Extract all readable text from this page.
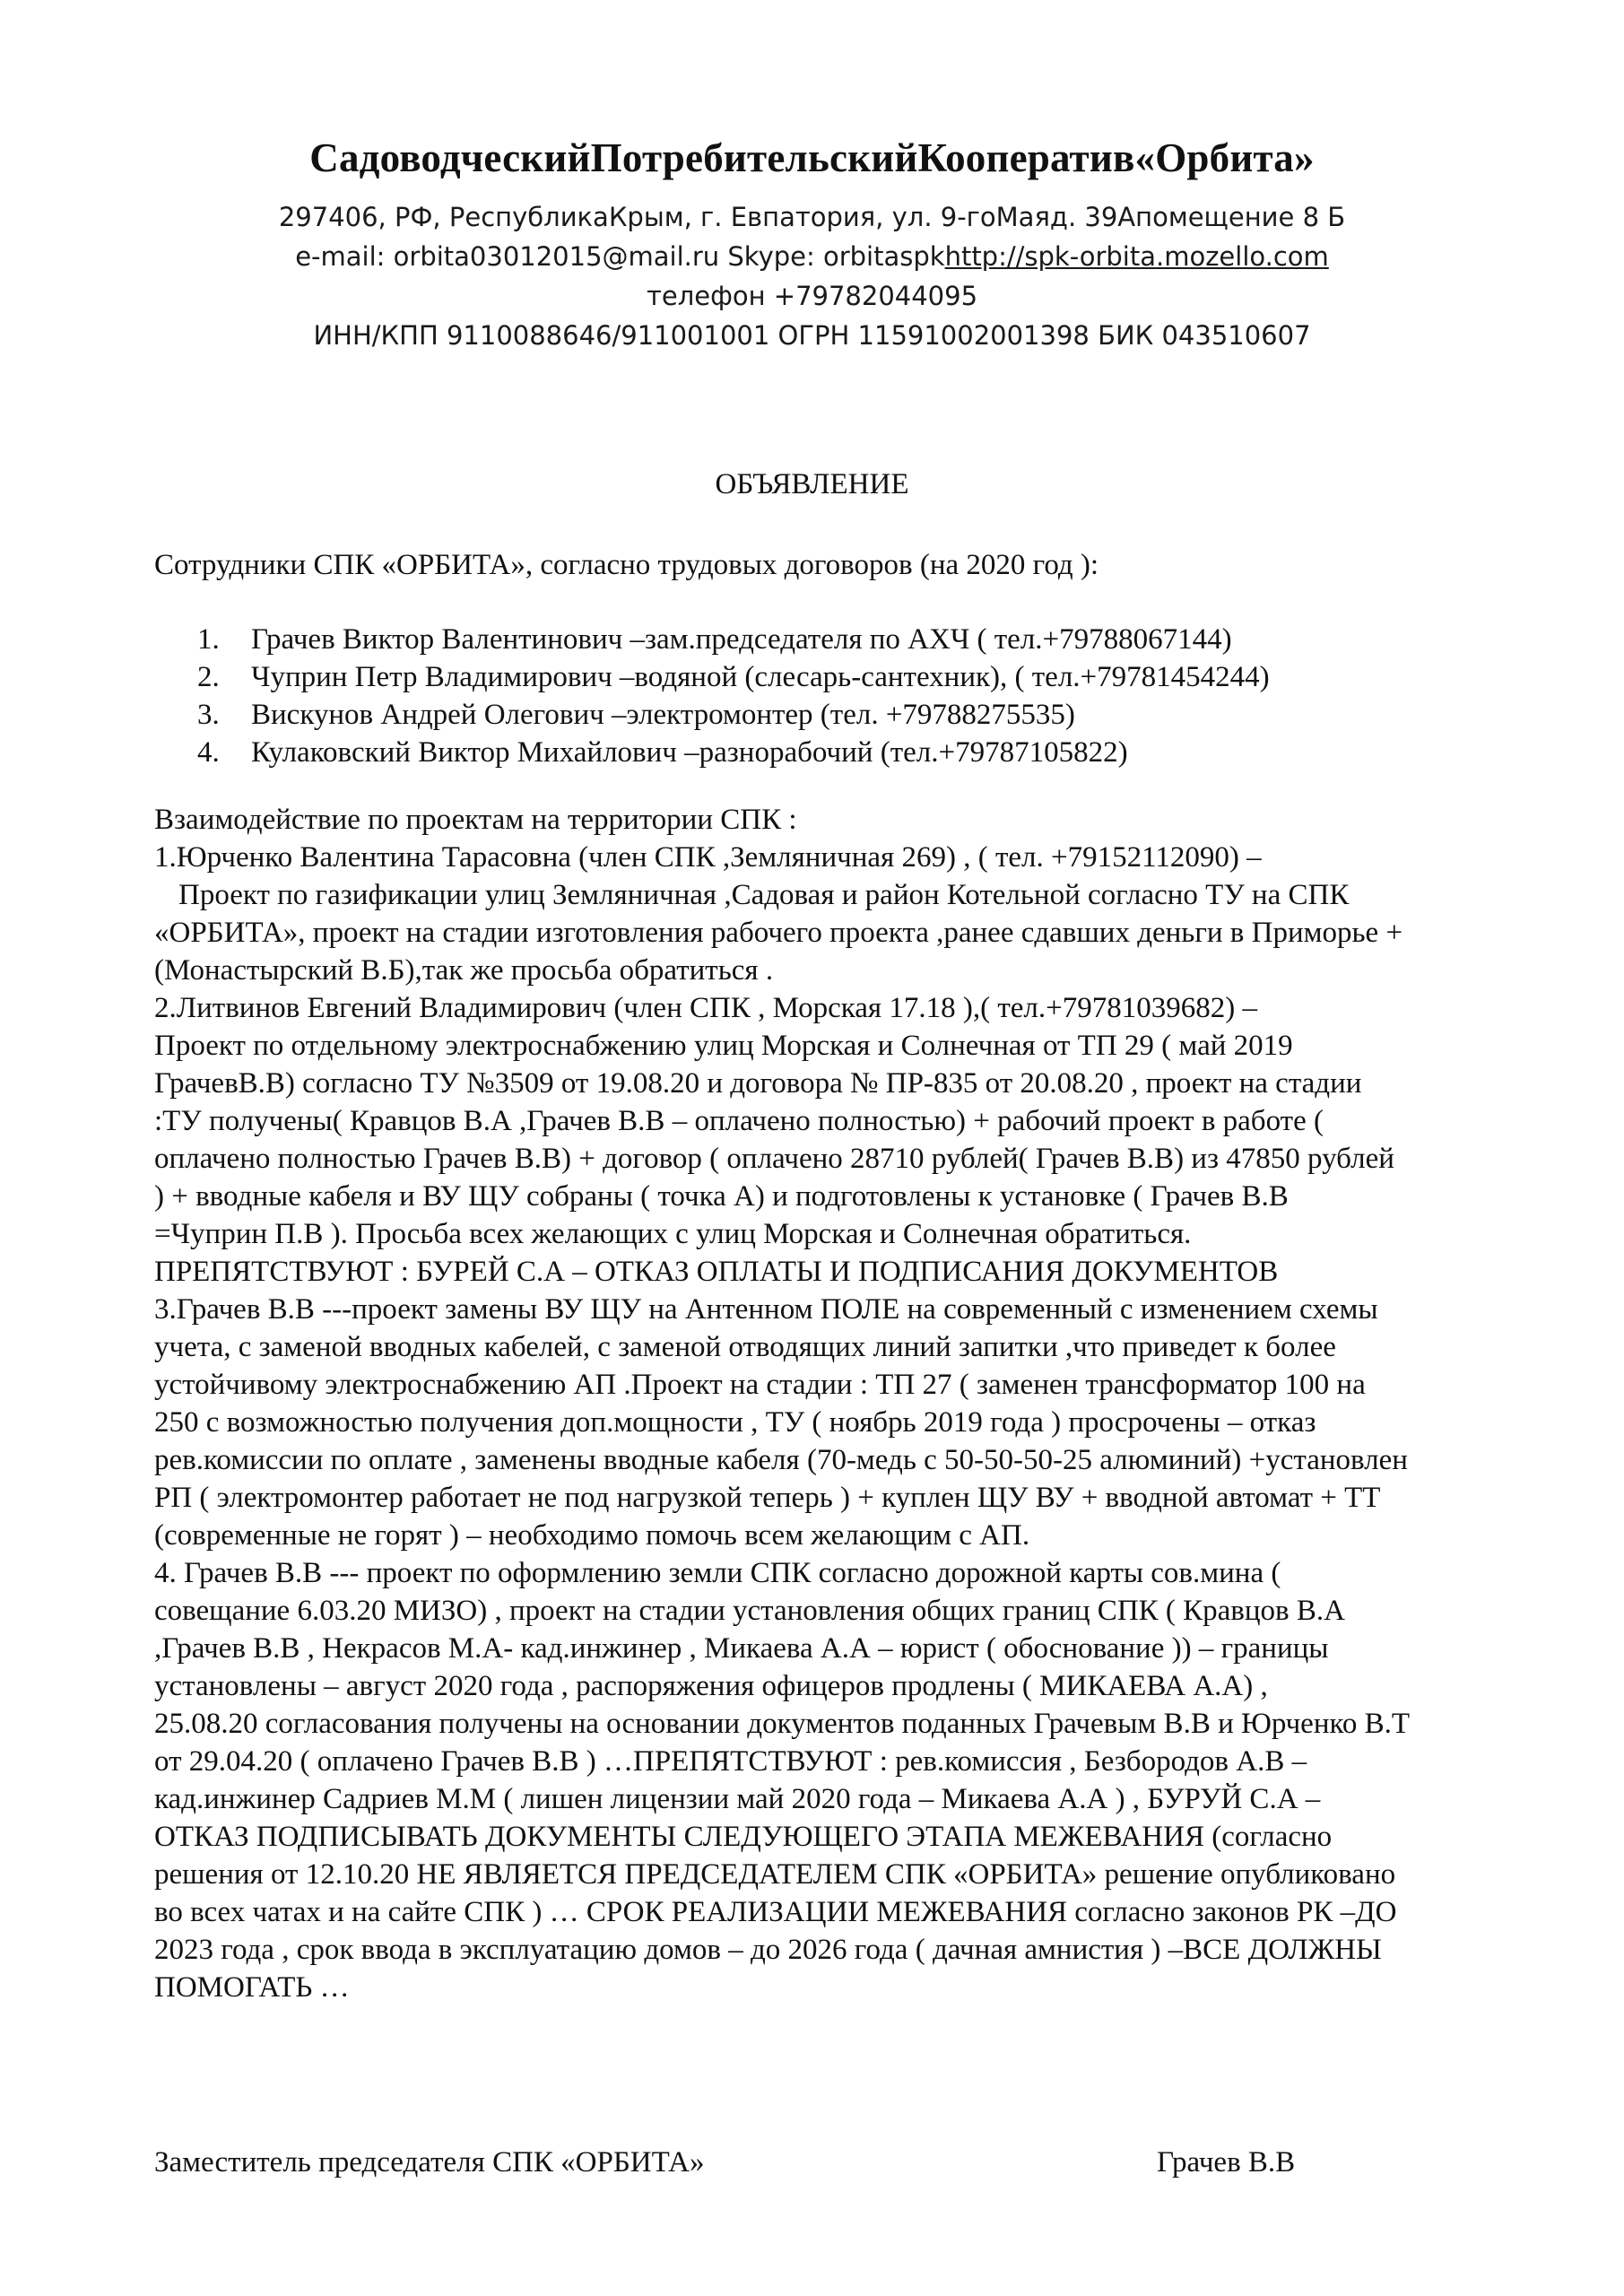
СадоводческийПотребительскийКооператив«Орбита»
297406, РФ, РеспубликаКрым, г. Евпатория, ул. 9-гоМаяд. 39Апомещение 8 Б
e-mail: orbita03012015@mail.ru Skype: orbitaspkhttp://spk-orbita.mozello.com
телефон +79782044095
ИНН/КПП 9110088646/911001001 ОГРН 11591002001398 БИК 043510607
ОБЪЯВЛЕНИЕ
Сотрудники СПК «ОРБИТА», согласно трудовых договоров (на 2020 год ):
1. Грачев Виктор Валентинович –зам.председателя по АХЧ ( тел.+79788067144)
2. Чуприн Петр Владимирович –водяной (слесарь-сантехник), ( тел.+79781454244)
3. Вискунов Андрей Олегович –электромонтер (тел. +79788275535)
4. Кулаковский Виктор Михайлович –разнорабочий (тел.+79787105822)
Взаимодействие по проектам на территории СПК :
1.Юрченко Валентина Тарасовна (член СПК ,Земляничная 269) , ( тел. +79152112090) –
Проект по газификации улиц Земляничная ,Садовая и район Котельной согласно ТУ на СПК
«ОРБИТА», проект на стадии изготовления рабочего проекта ,ранее сдавших деньги в Приморье +
(Монастырский В.Б),так же просьба обратиться .
2.Литвинов Евгений Владимирович (член СПК , Морская 17.18 ),( тел.+79781039682) –
Проект по отдельному электроснабжению улиц Морская и Солнечная от ТП 29 ( май 2019
ГрачевВ.В) согласно ТУ №3509 от 19.08.20 и договора № ПР-835 от 20.08.20 , проект на стадии
:ТУ получены( Кравцов В.А ,Грачев В.В – оплачено полностью) + рабочий проект в работе (
оплачено полностью Грачев В.В) + договор ( оплачено 28710 рублей( Грачев В.В) из 47850 рублей
) + вводные кабеля и ВУ ЩУ собраны ( точка А) и подготовлены к установке ( Грачев В.В
=Чуприн П.В ). Просьба всех желающих с улиц Морская и Солнечная обратиться.
ПРЕПЯТСТВУЮТ : БУРЕЙ С.А – ОТКАЗ ОПЛАТЫ И ПОДПИСАНИЯ ДОКУМЕНТОВ
3.Грачев В.В ---проект замены ВУ ЩУ на Антенном ПОЛЕ на современный с изменением схемы
учета, с заменой вводных кабелей, с заменой отводящих линий запитки ,что приведет к более
устойчивому электроснабжению АП .Проект на стадии : ТП 27 ( заменен трансформатор 100 на
250 с возможностью получения доп.мощности , ТУ ( ноябрь 2019 года ) просрочены – отказ
рев.комиссии по оплате , заменены вводные кабеля (70-медь с 50-50-50-25 алюминий) +установлен
РП ( электромонтер работает не под нагрузкой теперь ) + куплен ЩУ ВУ + вводной автомат + ТТ
(современные не горят ) – необходимо помочь всем желающим с АП.
4. Грачев В.В --- проект по оформлению земли СПК согласно дорожной карты сов.мина (
совещание 6.03.20 МИЗО) , проект на стадии установления общих границ СПК ( Кравцов В.А
,Грачев В.В , Некрасов М.А- кад.инжинер , Микаева А.А – юрист ( обоснование )) – границы
установлены – август 2020 года , распоряжения офицеров продлены ( МИКАЕВА А.А) ,
25.08.20 согласования получены на основании документов поданных Грачевым В.В и Юрченко В.Т
от 29.04.20 ( оплачено Грачев В.В ) …ПРЕПЯТСТВУЮТ : рев.комиссия , Безбородов А.В –
кад.инжинер Садриев М.М ( лишен лицензии май 2020 года – Микаева А.А ) , БУРУЙ С.А –
ОТКАЗ ПОДПИСЫВАТЬ ДОКУМЕНТЫ СЛЕДУЮЩЕГО ЭТАПА МЕЖЕВАНИЯ (согласно
решения от 12.10.20 НЕ ЯВЛЯЕТСЯ ПРЕДСЕДАТЕЛЕМ СПК «ОРБИТА» решение опубликовано
во всех чатах и на сайте СПК ) … СРОК РЕАЛИЗАЦИИ МЕЖЕВАНИЯ согласно законов РК –ДО
2023 года , срок ввода в эксплуатацию домов – до 2026 года ( дачная амнистия ) –ВСЕ ДОЛЖНЫ
ПОМОГАТЬ …
Заместитель председателя СПК «ОРБИТА»	Грачев В.В
